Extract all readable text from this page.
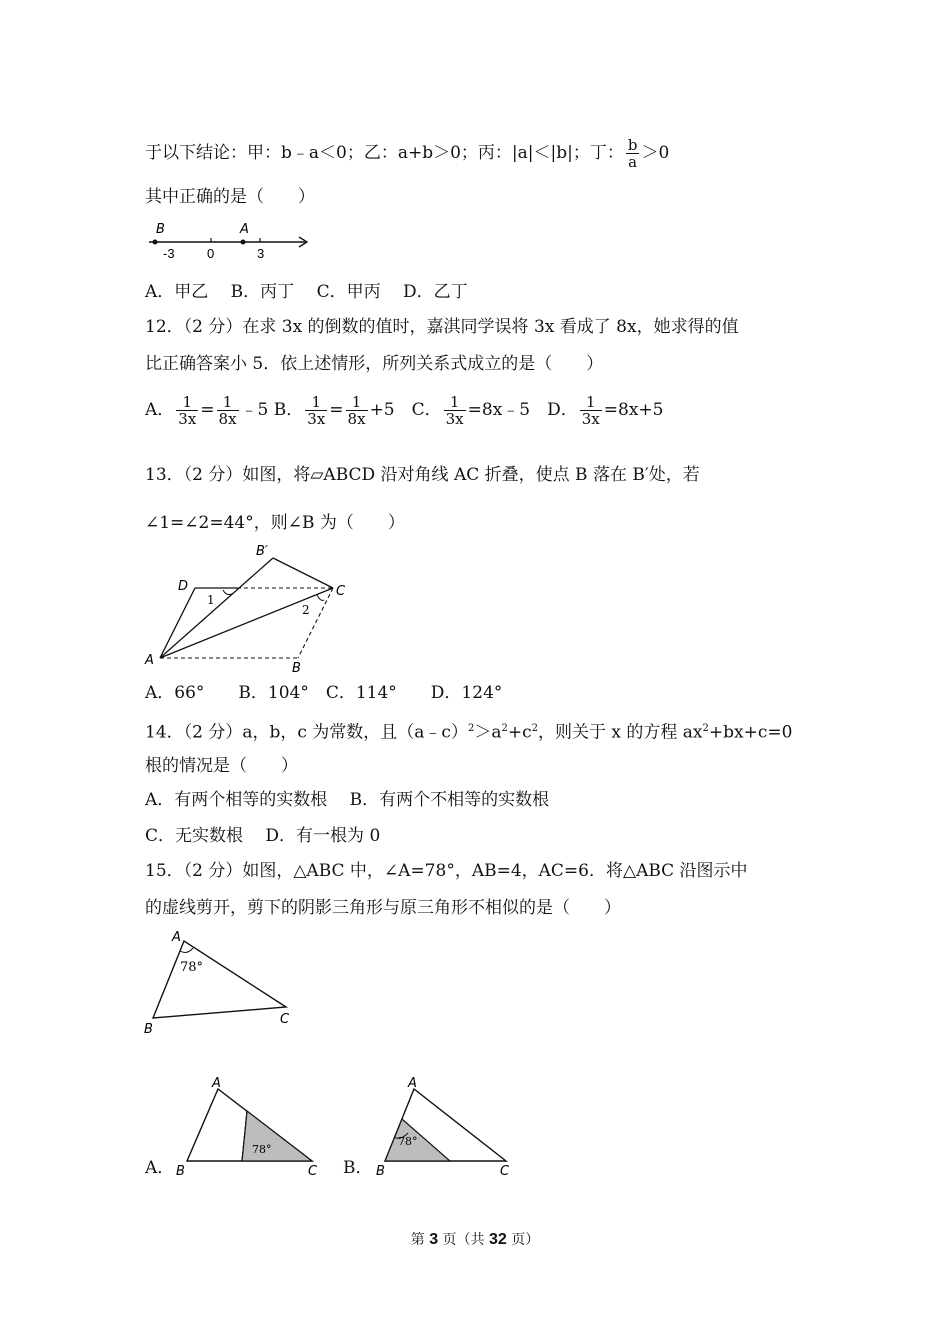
于以下结论：甲：b﹣a＜0；乙：a+b＞0；丙：|a|＜|b|；丁： $\frac{b}{a} >0$
其中正确的是（　　）
B	A
-3 0	3
A．甲乙　 B．丙丁　 C．甲丙　 D．乙丁
12．（2 分）在求 3x 的倒数的值时，嘉淇同学误将 3x 看成了 8x，她求得的值
比正确答案小 5．依上述情形，所列关系式成立的是（　　）
A． $\frac{1}{3x} = \frac{1}{8x}$ ﹣5 B． $\frac{1}{3x} = \frac{1}{8x} +5$　C． $\frac{1}{3x}$ =8x﹣5　D． $\frac{1}{3x} =8x+5$
13．（2 分）如图，将▱ABCD 沿对角线 AC 折叠，使点 B 落在 B′处，若
∠1=∠2=44°，则∠B 为（　　）
B′
D	C
1
2
A
B
A．66°　　B．104°　C．114°　　D．124°
14．（2 分）a，b，c 为常数，且$(a﹣c)^2>a^2+c^2$，则关于 x 的方程 $ax^2+bx+c=0$
根的情况是（　　）
A．有两个相等的实数根　 B．有两个不相等的实数根
C．无实数根　 D．有一根为 0
15．（2 分）如图，△ABC 中，∠A=78°，AB=4，AC=6．将△ABC 沿图示中
的虚线剪开，剪下的阴影三角形与原三角形不相似的是（　　）
A
78°
B
C
A．
A
78°
B	C B．
A
78°
B	C
第 3 页（共 32 页）
